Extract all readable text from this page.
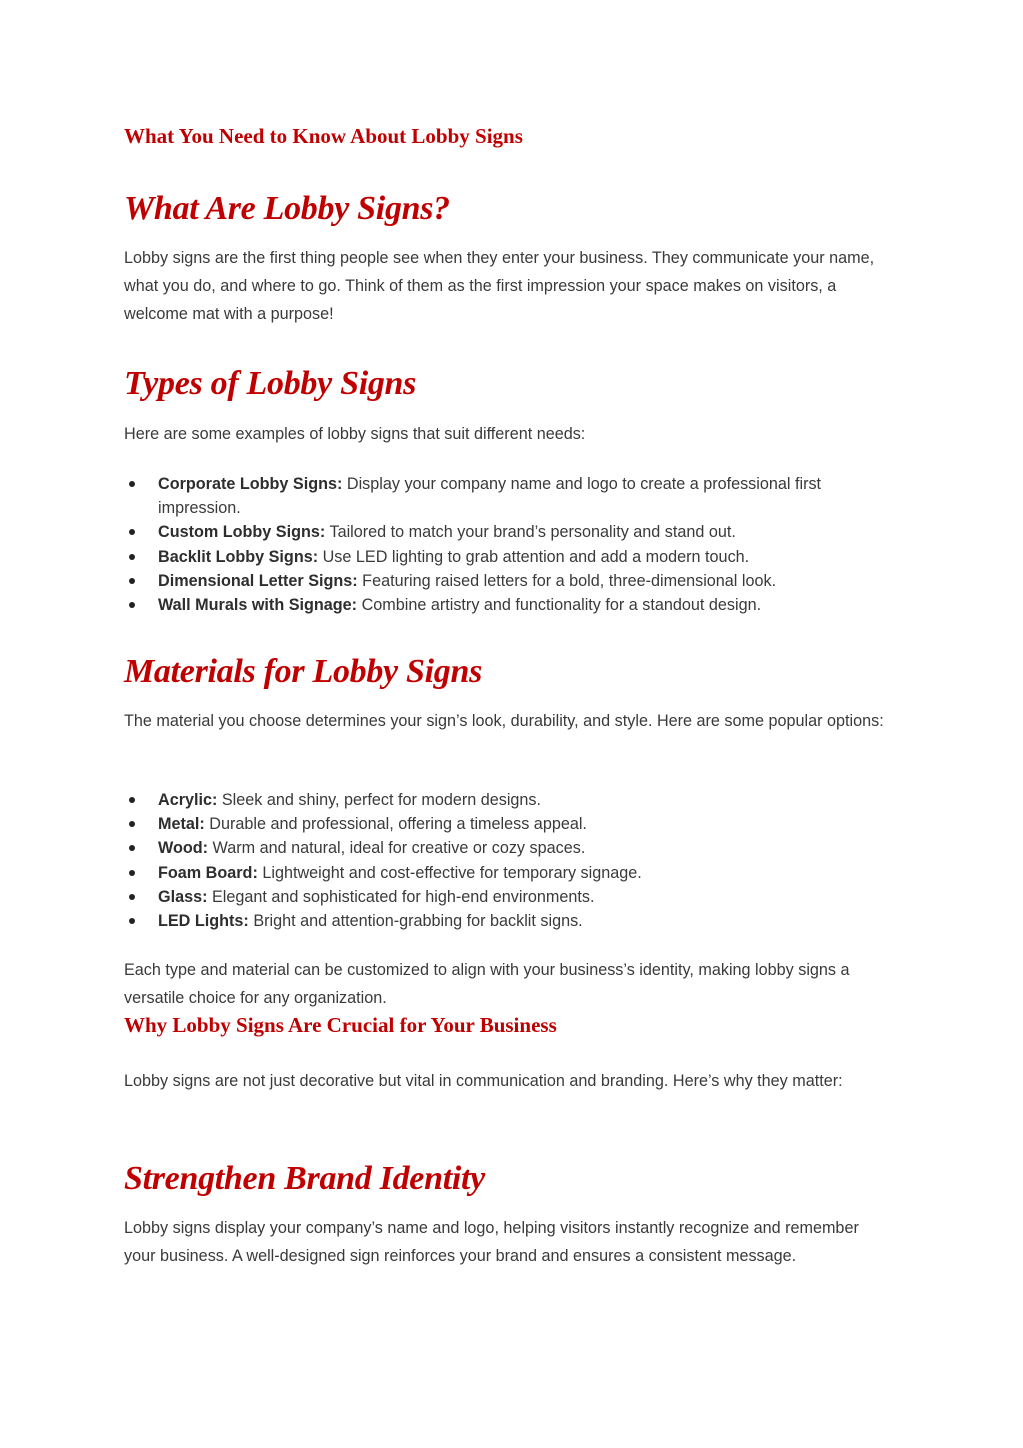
What You Need to Know About Lobby Signs
What Are Lobby Signs?

Lobby signs are the first thing people see when they enter your business. They communicate your name, what you do, and where to go. Think of them as the first impression your space makes on visitors, a welcome mat with a purpose!

Types of Lobby Signs

Here are some examples of lobby signs that suit different needs:

Corporate Lobby Signs: Display your company name and logo to create a professional first impression.
Custom Lobby Signs: Tailored to match your brand’s personality and stand out.
Backlit Lobby Signs: Use LED lighting to grab attention and add a modern touch.
Dimensional Letter Signs: Featuring raised letters for a bold, three-dimensional look.
Wall Murals with Signage: Combine artistry and functionality for a standout design.
Materials for Lobby Signs

The material you choose determines your sign’s look, durability, and style. Here are some popular options:

Acrylic: Sleek and shiny, perfect for modern designs.
Metal: Durable and professional, offering a timeless appeal.
Wood: Warm and natural, ideal for creative or cozy spaces.
Foam Board: Lightweight and cost-effective for temporary signage.
Glass: Elegant and sophisticated for high-end environments.
LED Lights: Bright and attention-grabbing for backlit signs.

Each type and material can be customized to align with your business’s identity, making lobby signs a versatile choice for any organization.

Why Lobby Signs Are Crucial for Your Business

Lobby signs are not just decorative but vital in communication and branding. Here’s why they matter:

Strengthen Brand Identity

Lobby signs display your company’s name and logo, helping visitors instantly recognize and remember your business. A well-designed sign reinforces your brand and ensures a consistent message.
